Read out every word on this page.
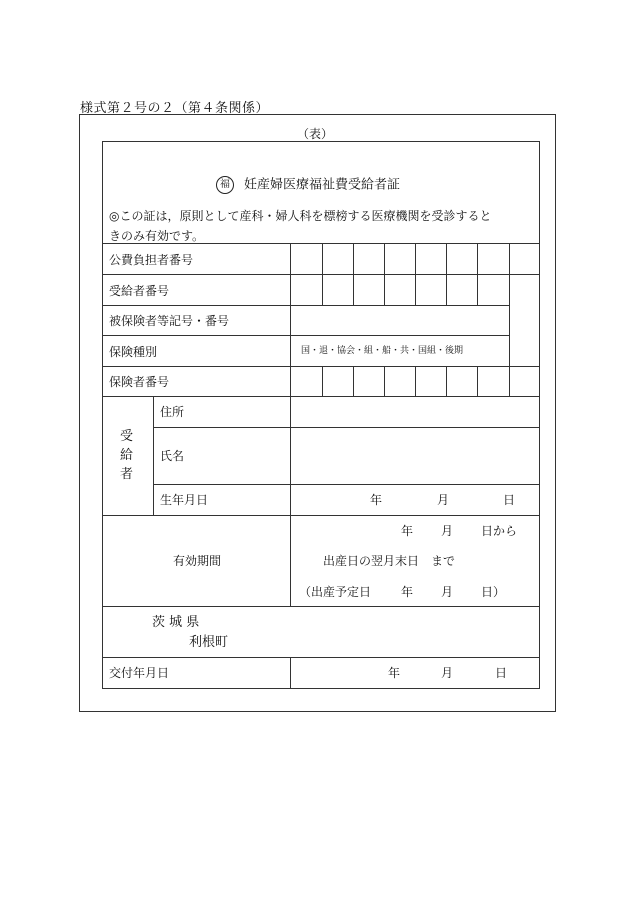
様式第２号の２（第４条関係）
（表）
福 妊産婦医療福祉費受給者証
◎この証は，原則として産科・婦人科を標榜する医療機関を受診すると
きのみ有効です。
公費負担者番号
受給者番号
被保険者等記号・番号
保険種別	国・退・協会・組・船・共・国組・後期
保険者番号
受
給
者
住所
氏名
生年月日	年	月	日
有効期間
年 月 日から
出産日の翌月末日　まで
（出産予定日 年 月 日）
茨 城 県
利根町
交付年月日	年	月	日
